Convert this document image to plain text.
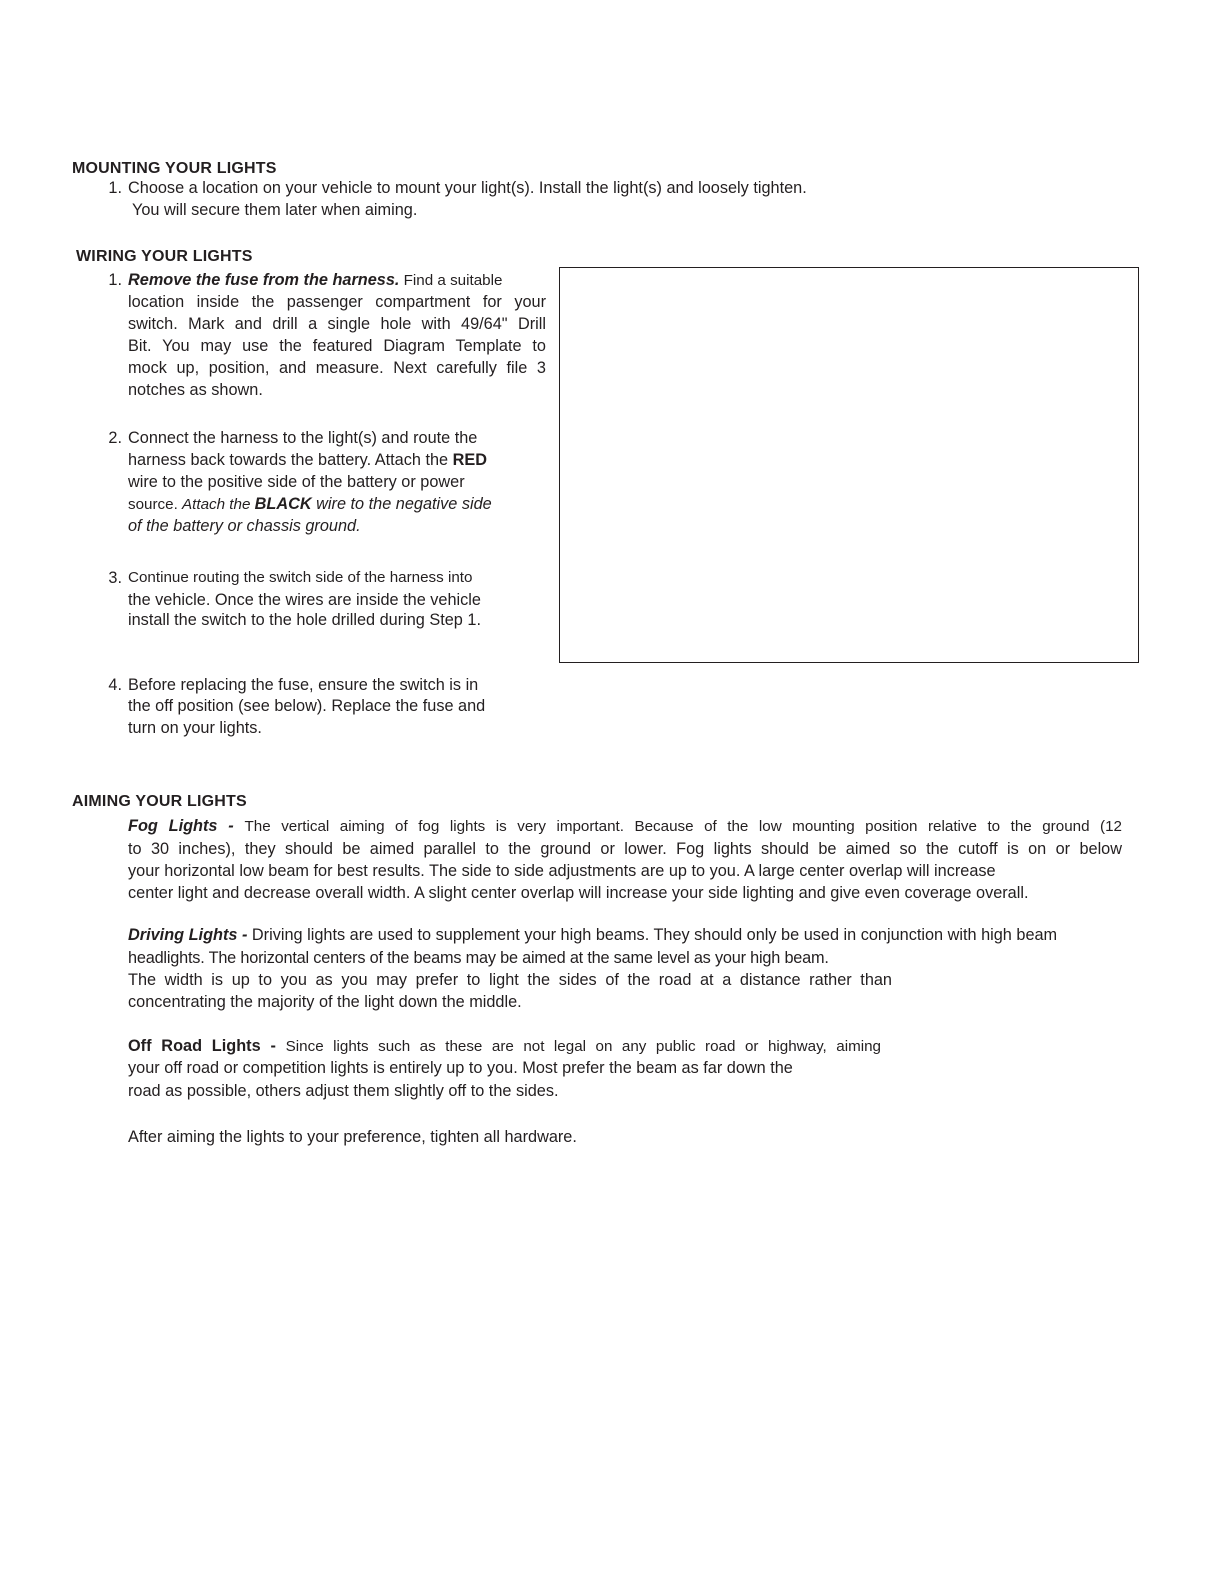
MOUNTING YOUR LIGHTS
1. Choose a location on your vehicle to mount your light(s). Install the light(s) and loosely tighten.
You will secure them later when aiming.
WIRING YOUR LIGHTS
1. Remove the fuse from the harness. Find a suitable
location inside the passenger compartment for your
switch. Mark and drill a single hole with 49/64" Drill
Bit. You may use the featured Diagram Template to
mock up, position, and measure. Next carefully file 3
notches as shown.
2. Connect the harness to the light(s) and route the
harness back towards the battery. Attach the RED
wire to the positive side of the battery or power
source. Attach the BLACK wire to the negative side
of the battery or chassis ground.
3. Continue routing the switch side of the harness into
the vehicle. Once the wires are inside the vehicle
install the switch to the hole drilled during Step 1.
4. Before replacing the fuse, ensure the switch is in
the off position (see below). Replace the fuse and
turn on your lights.
AIMING YOUR LIGHTS
Fog Lights - The vertical aiming of fog lights is very important. Because of the low mounting position relative to the ground (12
to 30 inches), they should be aimed parallel to the ground or lower. Fog lights should be aimed so the cutoff is on or below
your horizontal low beam for best results. The side to side adjustments are up to you. A large center overlap will increase
center light and decrease overall width. A slight center overlap will increase your side lighting and give even coverage overall.
Driving Lights - Driving lights are used to supplement your high beams. They should only be used in conjunction with high beam
headlights. The horizontal centers of the beams may be aimed at the same level as your high beam.
The width is up to you as you may prefer to light the sides of the road at a distance rather than
concentrating the majority of the light down the middle.
Off Road Lights - Since lights such as these are not legal on any public road or highway, aiming
your off road or competition lights is entirely up to you. Most prefer the beam as far down the
road as possible, others adjust them slightly off to the sides.
After aiming the lights to your preference, tighten all hardware.
